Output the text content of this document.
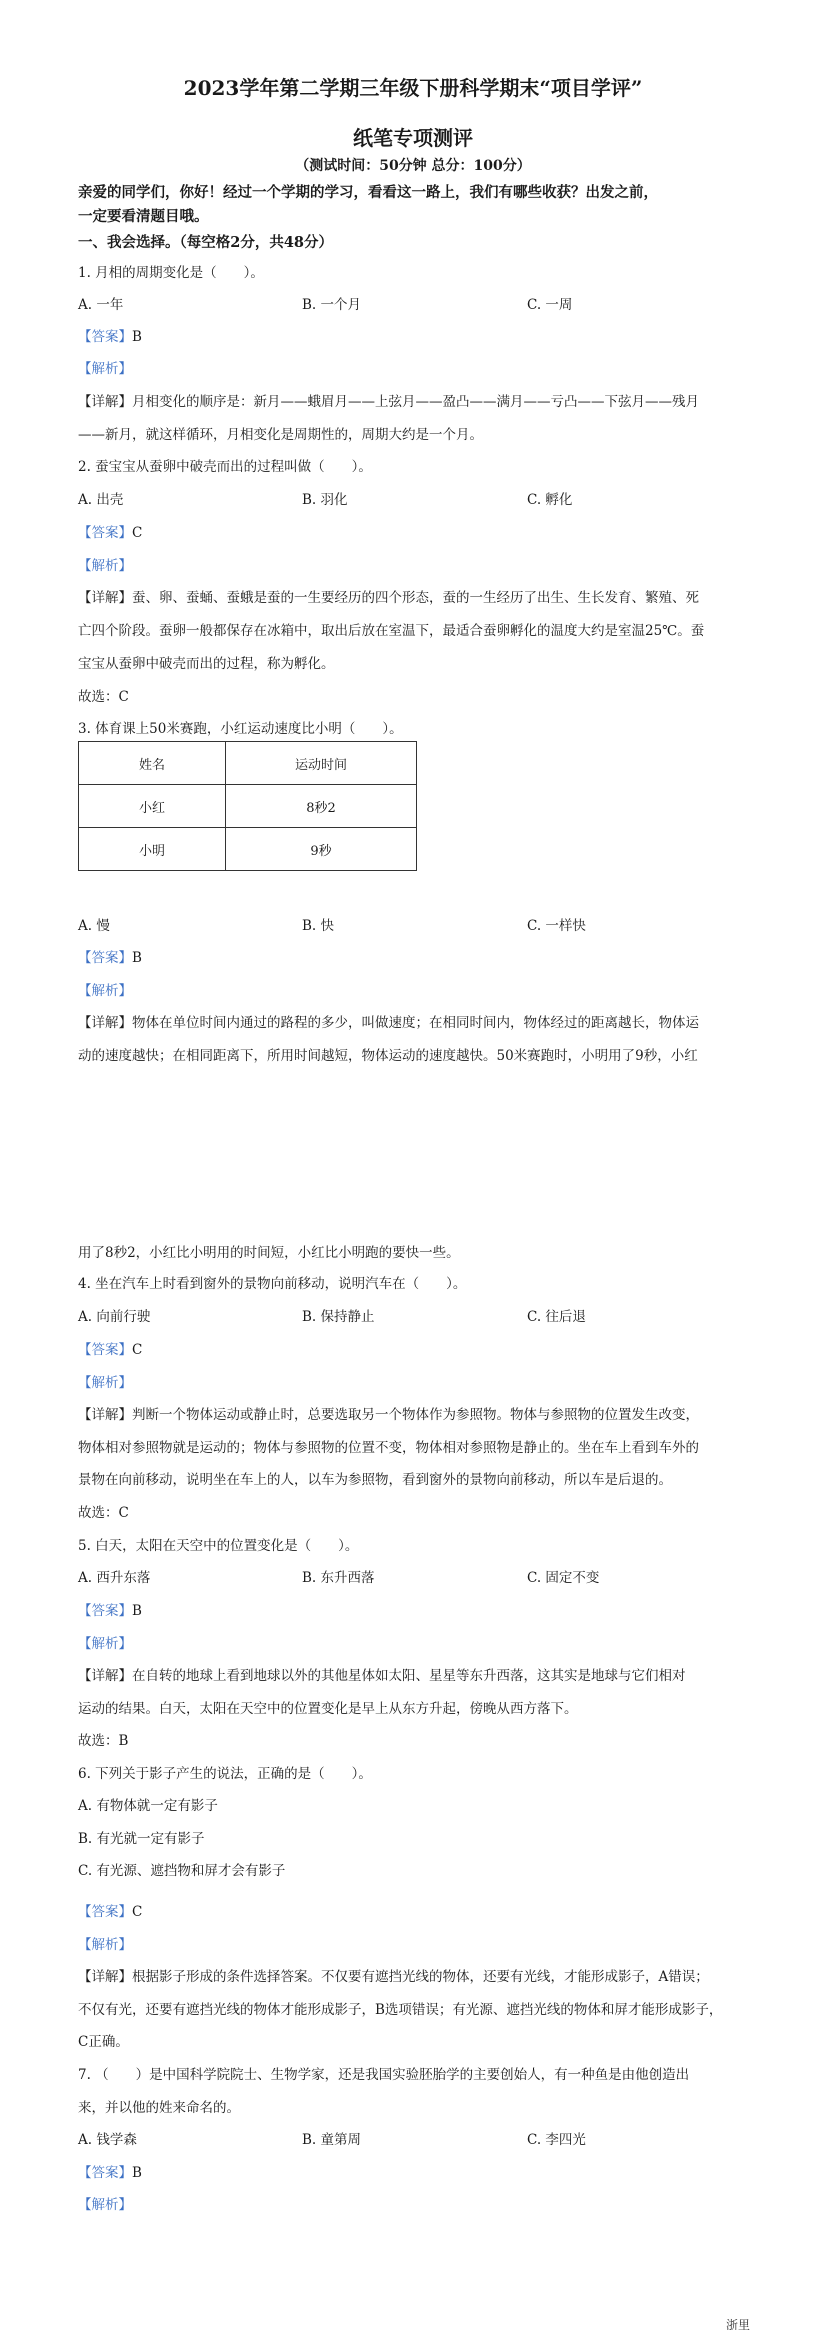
2023学年第二学期三年级下册科学期末“项目学评”
纸笔专项测评
（测试时间：50分钟 总分：100分）
亲爱的同学们，你好！经过一个学期的学习，看看这一路上，我们有哪些收获？出发之前，
一定要看清题目哦。
一、我会选择。（每空格2分，共48分）
1. 月相的周期变化是（　　）。
A. 一年	B. 一个月	C. 一周
【答案】B
【解析】
【详解】月相变化的顺序是：新月——蛾眉月——上弦月——盈凸——满月——亏凸——下弦月——残月
——新月，就这样循环，月相变化是周期性的，周期大约是一个月。
2. 蚕宝宝从蚕卵中破壳而出的过程叫做（　　）。
A. 出壳	B. 羽化	C. 孵化
【答案】C
【解析】
【详解】蚕、卵、蚕蛹、蚕蛾是蚕的一生要经历的四个形态，蚕的一生经历了出生、生长发育、繁殖、死
亡四个阶段。蚕卵一般都保存在冰箱中，取出后放在室温下，最适合蚕卵孵化的温度大约是室温25℃。蚕
宝宝从蚕卵中破壳而出的过程，称为孵化。
故选：C
3. 体育课上50米赛跑，小红运动速度比小明（　　）。
姓名	运动时间
小红	8秒2
小明	9秒
A. 慢	B. 快	C. 一样快
【答案】B
【解析】
【详解】物体在单位时间内通过的路程的多少，叫做速度；在相同时间内，物体经过的距离越长，物体运
动的速度越快；在相同距离下，所用时间越短，物体运动的速度越快。50米赛跑时，小明用了9秒，小红
用了8秒2，小红比小明用的时间短，小红比小明跑的要快一些。
4. 坐在汽车上时看到窗外的景物向前移动，说明汽车在（　　）。
A. 向前行驶	B. 保持静止	C. 往后退
【答案】C
【解析】
【详解】判断一个物体运动或静止时，总要选取另一个物体作为参照物。物体与参照物的位置发生改变，
物体相对参照物就是运动的；物体与参照物的位置不变，物体相对参照物是静止的。坐在车上看到车外的
景物在向前移动，说明坐在车上的人，以车为参照物，看到窗外的景物向前移动，所以车是后退的。
故选：C
5. 白天，太阳在天空中的位置变化是（　　）。
A. 西升东落	B. 东升西落	C. 固定不变
【答案】B
【解析】
【详解】在自转的地球上看到地球以外的其他星体如太阳、星星等东升西落，这其实是地球与它们相对
运动的结果。白天，太阳在天空中的位置变化是早上从东方升起，傍晚从西方落下。
故选：B
6. 下列关于影子产生的说法，正确的是（　　）。
A. 有物体就一定有影子
B. 有光就一定有影子
C. 有光源、遮挡物和屏才会有影子
【答案】C
【解析】
【详解】根据影子形成的条件选择答案。不仅要有遮挡光线的物体，还要有光线，才能形成影子，A错误；
不仅有光，还要有遮挡光线的物体才能形成影子，B选项错误；有光源、遮挡光线的物体和屏才能形成影子，
C正确。
7. （　　）是中国科学院院士、生物学家，还是我国实验胚胎学的主要创始人，有一种鱼是由他创造出
来，并以他的姓来命名的。
A. 钱学森	B. 童第周	C. 李四光
【答案】B
【解析】
浙里
